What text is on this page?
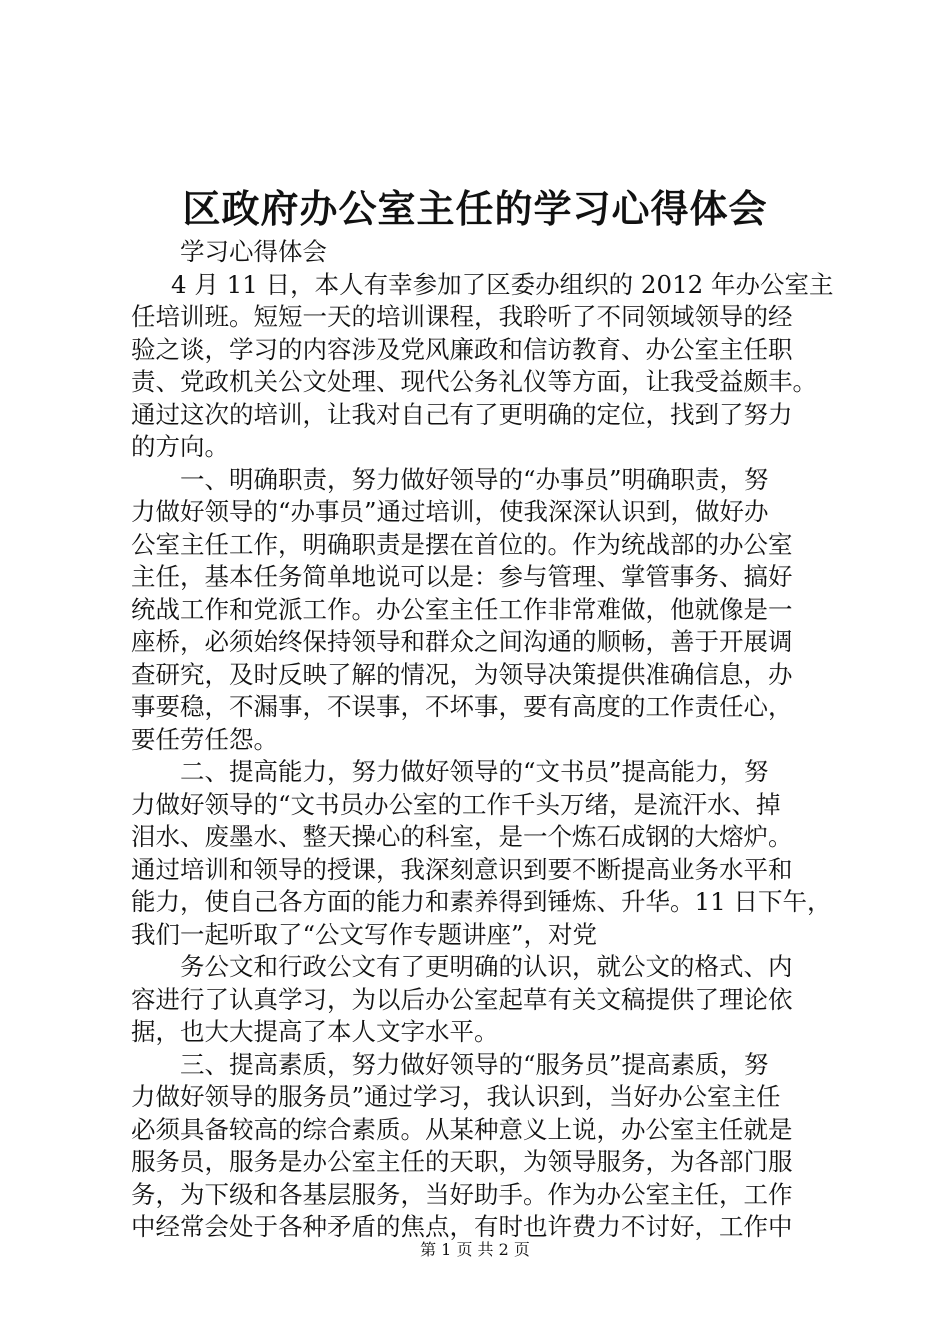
区政府办公室主任的学习心得体会
学习心得体会
4 月 11 日，本人有幸参加了区委办组织的 2012 年办公室主
任培训班。短短一天的培训课程，我聆听了不同领域领导的经
验之谈，学习的内容涉及党风廉政和信访教育、办公室主任职
责、党政机关公文处理、现代公务礼仪等方面，让我受益颇丰。
通过这次的培训，让我对自己有了更明确的定位，找到了努力
的方向。
一、明确职责，努力做好领导的“办事员”明确职责，努
力做好领导的“办事员”通过培训，使我深深认识到，做好办
公室主任工作，明确职责是摆在首位的。作为统战部的办公室
主任，基本任务简单地说可以是：参与管理、掌管事务、搞好
统战工作和党派工作。办公室主任工作非常难做，他就像是一
座桥，必须始终保持领导和群众之间沟通的顺畅，善于开展调
查研究，及时反映了解的情况，为领导决策提供准确信息，办
事要稳，不漏事，不误事，不坏事，要有高度的工作责任心，
要任劳任怨。
二、提高能力，努力做好领导的“文书员”提高能力，努
力做好领导的“文书员办公室的工作千头万绪，是流汗水、掉
泪水、废墨水、整天操心的科室，是一个炼石成钢的大熔炉。
通过培训和领导的授课，我深刻意识到要不断提高业务水平和
能力，使自己各方面的能力和素养得到锤炼、升华。11 日下午，
我们一起听取了“公文写作专题讲座”，对党
务公文和行政公文有了更明确的认识，就公文的格式、内
容进行了认真学习，为以后办公室起草有关文稿提供了理论依
据，也大大提高了本人文字水平。
三、提高素质，努力做好领导的“服务员”提高素质，努
力做好领导的服务员”通过学习，我认识到，当好办公室主任
必须具备较高的综合素质。从某种意义上说，办公室主任就是
服务员，服务是办公室主任的天职，为领导服务，为各部门服
务，为下级和各基层服务，当好助手。作为办公室主任，工作
中经常会处于各种矛盾的焦点，有时也许费力不讨好，工作中
第 1 页 共 2 页
